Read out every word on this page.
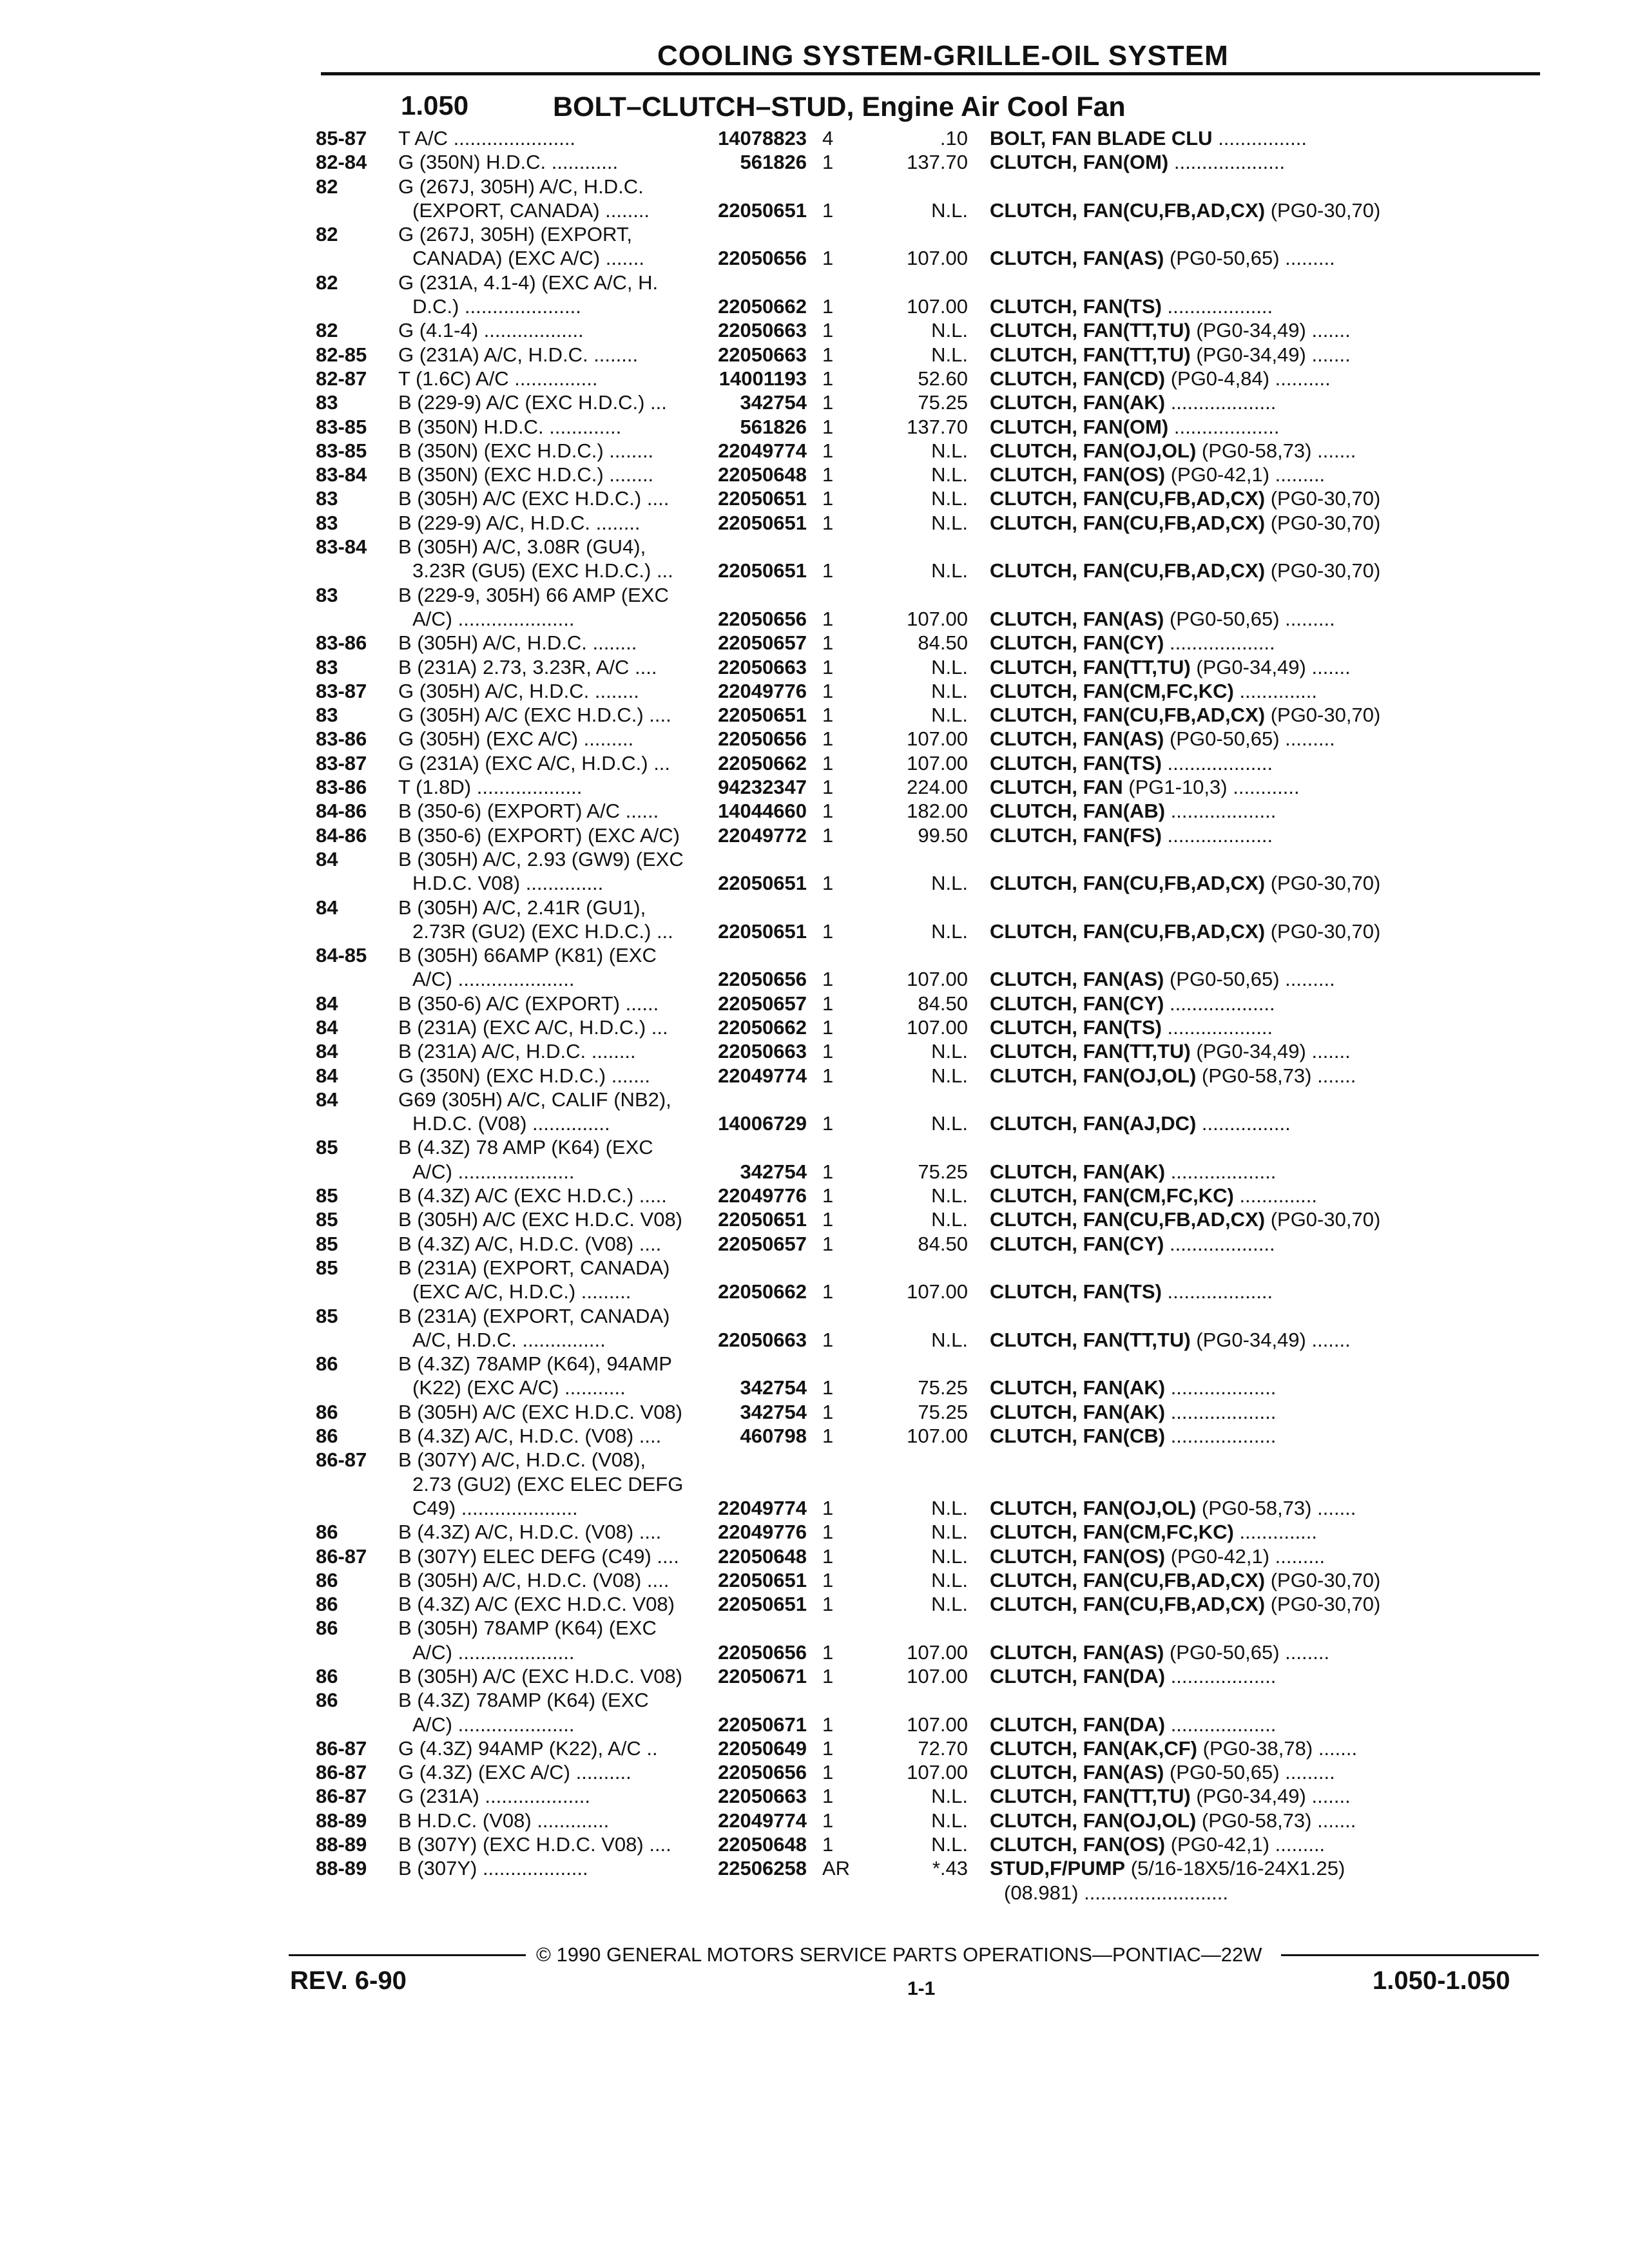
COOLING SYSTEM-GRILLE-OIL SYSTEM
1.050	BOLT–CLUTCH–STUD, Engine Air Cool Fan
85-87	T A/C ......................	14078823 4	.10 BOLT, FAN BLADE CLU ................
82-84	G (350N) H.D.C. ............	561826 1	137.70 CLUTCH, FAN(OM) ....................
82	G (267J, 305H) A/C, H.D.C.
(EXPORT, CANADA) ........	22050651 1	N.L. CLUTCH, FAN(CU,FB,AD,CX) (PG0-30,70)
82	G (267J, 305H) (EXPORT,
CANADA) (EXC A/C) .......	22050656 1	107.00 CLUTCH, FAN(AS) (PG0-50,65) .........
82	G (231A, 4.1-4) (EXC A/C, H.
D.C.) .....................	22050662 1	107.00 CLUTCH, FAN(TS) ...................
82	G (4.1-4) ..................	22050663 1	N.L. CLUTCH, FAN(TT,TU) (PG0-34,49) .......
82-85	G (231A) A/C, H.D.C. ........	22050663 1	N.L. CLUTCH, FAN(TT,TU) (PG0-34,49) .......
82-87	T (1.6C) A/C ...............	14001193 1	52.60 CLUTCH, FAN(CD) (PG0-4,84) ..........
83	B (229-9) A/C (EXC H.D.C.) ...	342754 1	75.25 CLUTCH, FAN(AK) ...................
83-85	B (350N) H.D.C. .............	561826 1	137.70 CLUTCH, FAN(OM) ...................
83-85	B (350N) (EXC H.D.C.) ........	22049774 1	N.L. CLUTCH, FAN(OJ,OL) (PG0-58,73) .......
83-84	B (350N) (EXC H.D.C.) ........	22050648 1	N.L. CLUTCH, FAN(OS) (PG0-42,1) .........
83	B (305H) A/C (EXC H.D.C.) ....	22050651 1	N.L. CLUTCH, FAN(CU,FB,AD,CX) (PG0-30,70)
83	B (229-9) A/C, H.D.C. ........	22050651 1	N.L. CLUTCH, FAN(CU,FB,AD,CX) (PG0-30,70)
83-84	B (305H) A/C, 3.08R (GU4),
3.23R (GU5) (EXC H.D.C.) ...	22050651 1	N.L. CLUTCH, FAN(CU,FB,AD,CX) (PG0-30,70)
83	B (229-9, 305H) 66 AMP (EXC
A/C) .....................	22050656 1	107.00 CLUTCH, FAN(AS) (PG0-50,65) .........
83-86	B (305H) A/C, H.D.C. ........	22050657 1	84.50 CLUTCH, FAN(CY) ...................
83	B (231A) 2.73, 3.23R, A/C ....	22050663 1	N.L. CLUTCH, FAN(TT,TU) (PG0-34,49) .......
83-87	G (305H) A/C, H.D.C. ........	22049776 1	N.L. CLUTCH, FAN(CM,FC,KC) ..............
83	G (305H) A/C (EXC H.D.C.) ....	22050651 1	N.L. CLUTCH, FAN(CU,FB,AD,CX) (PG0-30,70)
83-86	G (305H) (EXC A/C) .........	22050656 1	107.00 CLUTCH, FAN(AS) (PG0-50,65) .........
83-87	G (231A) (EXC A/C, H.D.C.) ...	22050662 1	107.00 CLUTCH, FAN(TS) ...................
83-86	T (1.8D) ...................	94232347 1	224.00 CLUTCH, FAN (PG1-10,3) ............
84-86	B (350-6) (EXPORT) A/C ......	14044660 1	182.00 CLUTCH, FAN(AB) ...................
84-86	B (350-6) (EXPORT) (EXC A/C)	22049772 1	99.50 CLUTCH, FAN(FS) ...................
84	B (305H) A/C, 2.93 (GW9) (EXC
H.D.C. V08) ..............	22050651 1	N.L. CLUTCH, FAN(CU,FB,AD,CX) (PG0-30,70)
84	B (305H) A/C, 2.41R (GU1),
2.73R (GU2) (EXC H.D.C.) ...	22050651 1	N.L. CLUTCH, FAN(CU,FB,AD,CX) (PG0-30,70)
84-85	B (305H) 66AMP (K81) (EXC
A/C) .....................	22050656 1	107.00 CLUTCH, FAN(AS) (PG0-50,65) .........
84	B (350-6) A/C (EXPORT) ......	22050657 1	84.50 CLUTCH, FAN(CY) ...................
84	B (231A) (EXC A/C, H.D.C.) ...	22050662 1	107.00 CLUTCH, FAN(TS) ...................
84	B (231A) A/C, H.D.C. ........	22050663 1	N.L. CLUTCH, FAN(TT,TU) (PG0-34,49) .......
84	G (350N) (EXC H.D.C.) .......	22049774 1	N.L. CLUTCH, FAN(OJ,OL) (PG0-58,73) .......
84	G69 (305H) A/C, CALIF (NB2),
H.D.C. (V08) ..............	14006729 1	N.L. CLUTCH, FAN(AJ,DC) ................
85	B (4.3Z) 78 AMP (K64) (EXC
A/C) .....................	342754 1	75.25 CLUTCH, FAN(AK) ...................
85	B (4.3Z) A/C (EXC H.D.C.) .....	22049776 1	N.L. CLUTCH, FAN(CM,FC,KC) ..............
85	B (305H) A/C (EXC H.D.C. V08)	22050651 1	N.L. CLUTCH, FAN(CU,FB,AD,CX) (PG0-30,70)
85	B (4.3Z) A/C, H.D.C. (V08) ....	22050657 1	84.50 CLUTCH, FAN(CY) ...................
85	B (231A) (EXPORT, CANADA)
(EXC A/C, H.D.C.) .........	22050662 1	107.00 CLUTCH, FAN(TS) ...................
85	B (231A) (EXPORT, CANADA)
A/C, H.D.C. ...............	22050663 1	N.L. CLUTCH, FAN(TT,TU) (PG0-34,49) .......
86	B (4.3Z) 78AMP (K64), 94AMP
(K22) (EXC A/C) ...........	342754 1	75.25 CLUTCH, FAN(AK) ...................
86	B (305H) A/C (EXC H.D.C. V08)	342754 1	75.25 CLUTCH, FAN(AK) ...................
86	B (4.3Z) A/C, H.D.C. (V08) ....	460798 1	107.00 CLUTCH, FAN(CB) ...................
86-87	B (307Y) A/C, H.D.C. (V08),
2.73 (GU2) (EXC ELEC DEFG
C49) .....................	22049774 1	N.L. CLUTCH, FAN(OJ,OL) (PG0-58,73) .......
86	B (4.3Z) A/C, H.D.C. (V08) ....	22049776 1	N.L. CLUTCH, FAN(CM,FC,KC) ..............
86-87	B (307Y) ELEC DEFG (C49) ....	22050648 1	N.L. CLUTCH, FAN(OS) (PG0-42,1) .........
86	B (305H) A/C, H.D.C. (V08) ....	22050651 1	N.L. CLUTCH, FAN(CU,FB,AD,CX) (PG0-30,70)
86	B (4.3Z) A/C (EXC H.D.C. V08)	22050651 1	N.L. CLUTCH, FAN(CU,FB,AD,CX) (PG0-30,70)
86	B (305H) 78AMP (K64) (EXC
A/C) .....................	22050656 1	107.00 CLUTCH, FAN(AS) (PG0-50,65) ........
86	B (305H) A/C (EXC H.D.C. V08)	22050671 1	107.00 CLUTCH, FAN(DA) ...................
86	B (4.3Z) 78AMP (K64) (EXC
A/C) .....................	22050671 1	107.00 CLUTCH, FAN(DA) ...................
86-87	G (4.3Z) 94AMP (K22), A/C ..	22050649 1	72.70 CLUTCH, FAN(AK,CF) (PG0-38,78) .......
86-87	G (4.3Z) (EXC A/C) ..........	22050656 1	107.00 CLUTCH, FAN(AS) (PG0-50,65) .........
86-87	G (231A) ...................	22050663 1	N.L. CLUTCH, FAN(TT,TU) (PG0-34,49) .......
88-89	B H.D.C. (V08) .............	22049774 1	N.L. CLUTCH, FAN(OJ,OL) (PG0-58,73) .......
88-89	B (307Y) (EXC H.D.C. V08) ....	22050648 1	N.L. CLUTCH, FAN(OS) (PG0-42,1) .........
88-89	B (307Y) ...................	22506258 AR	*.43 STUD,F/PUMP (5/16-18X5/16-24X1.25)
(08.981) ..........................
© 1990 GENERAL MOTORS SERVICE PARTS OPERATIONS—PONTIAC—22W
REV. 6-90	1-1	1.050-1.050
